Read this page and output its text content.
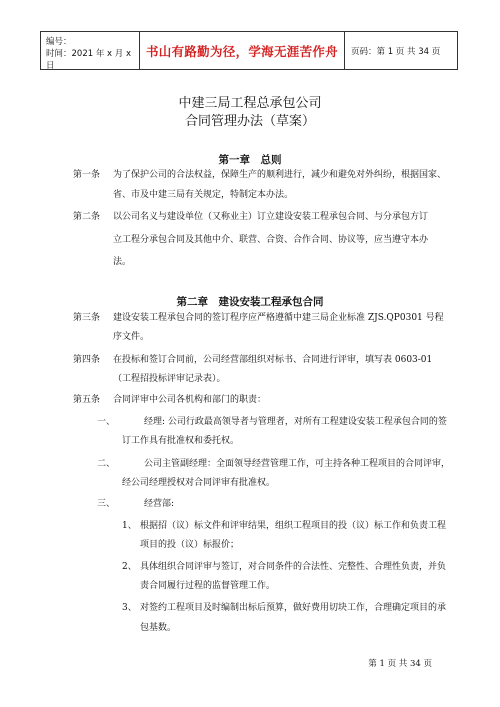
编号：
时间：2021 年 x 月 x 日
书山有路勤为径，学海无涯苦作舟	页码：第 1 页 共 34 页
中建三局工程总承包公司
合同管理办法（草案）
第一章　总则
第一条 为了保护公司的合法权益，保障生产的顺利进行，减少和避免对外纠纷，根据国家、
省、市及中建三局有关规定，特制定本办法。
第二条 以公司名义与建设单位（又称业主）订立建设安装工程承包合同、与分承包方订
立工程分承包合同及其他中介、联营、合资、合作合同、协议等，应当遵守本办
法。
第二章　建设安装工程承包合同
第三条 建设安装工程承包合同的签订程序应严格遵循中建三局企业标准 ZJS.QP0301 号程
序文件。
第四条 在投标和签订合同前，公司经营部组织对标书、合同进行评审，填写表 0603-01
（工程招投标评审记录表）。
第五条 合同评审中公司各机构和部门的职责：
一、	经理: 公司行政最高领导者与管理者，对所有工程建设安装工程承包合同的签
订工作具有批准权和委托权。
二、	公司主管副经理：全面领导经营管理工作，可主持各种工程项目的合同评审，
经公司经理授权对合同评审有批准权。
三、	经营部:
1、 根据招（议）标文件和评审结果，组织工程项目的投（议）标工作和负责工程
项目的投（议）标报价；
2、 具体组织合同评审与签订，对合同条件的合法性、完整性、合理性负责，并负
责合同履行过程的监督管理工作。
3、 对签约工程项目及时编制出标后预算，做好费用切块工作，合理确定项目的承
包基数。
第 1 页 共 34 页
